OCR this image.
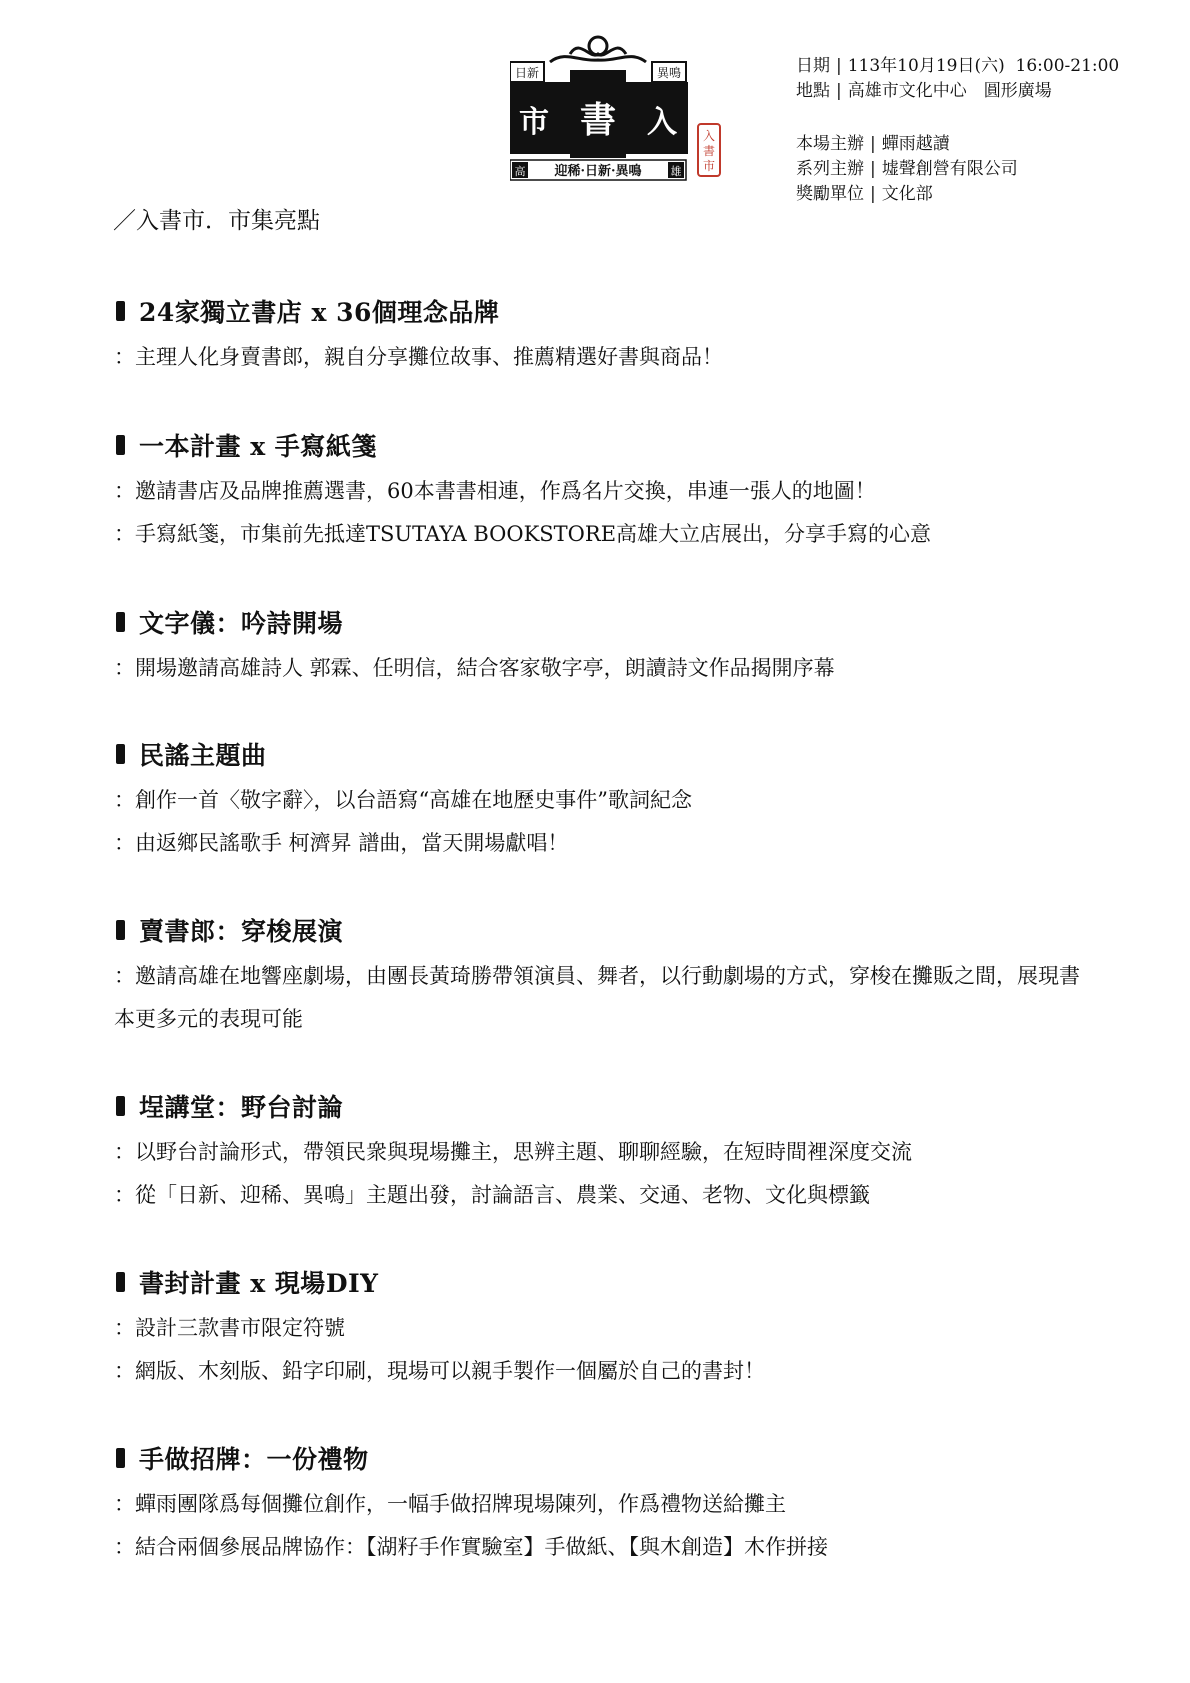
日新	異鳴
市 書 入
高 迎稀·日新·異鳴	雄
入
書
市
日期 | 113年10月19日(六)  16:00-21:00
地點 | 高雄市文化中心　圓形廣場
本場主辦 | 蟬雨越讀
系列主辦 | 墟聲創營有限公司
獎勵單位 | 文化部
／入書市．市集亮點
24家獨立書店 x 36個理念品牌
：主理人化身賣書郎，親自分享攤位故事、推薦精選好書與商品！
一本計畫 x 手寫紙箋
：邀請書店及品牌推薦選書，60本書書相連，作爲名片交換，串連一張人的地圖！
：手寫紙箋，市集前先抵達TSUTAYA BOOKSTORE高雄大立店展出，分享手寫的心意
文字儀：吟詩開場
：開場邀請高雄詩人 郭霖、任明信，結合客家敬字亭，朗讀詩文作品揭開序幕
民謠主題曲
：創作一首〈敬字辭〉，以台語寫“高雄在地歷史事件”歌詞紀念
：由返鄉民謠歌手 柯濟昇 譜曲，當天開場獻唱！
賣書郎：穿梭展演
：邀請高雄在地響座劇場，由團長黃琦勝帶領演員、舞者，以行動劇場的方式，穿梭在攤販之間，展現書本更多元的表現可能
埕講堂：野台討論
：以野台討論形式，帶領民衆與現場攤主，思辨主題、聊聊經驗，在短時間裡深度交流
：從「日新、迎稀、異鳴」主題出發，討論語言、農業、交通、老物、文化與標籤
書封計畫 x 現場DIY
：設計三款書市限定符號
：網版、木刻版、鉛字印刷，現場可以親手製作一個屬於自己的書封！
手做招牌：一份禮物
：蟬雨團隊爲每個攤位創作，一幅手做招牌現場陳列，作爲禮物送給攤主
：結合兩個參展品牌協作：【湖籽手作實驗室】手做紙、【與木創造】木作拼接
